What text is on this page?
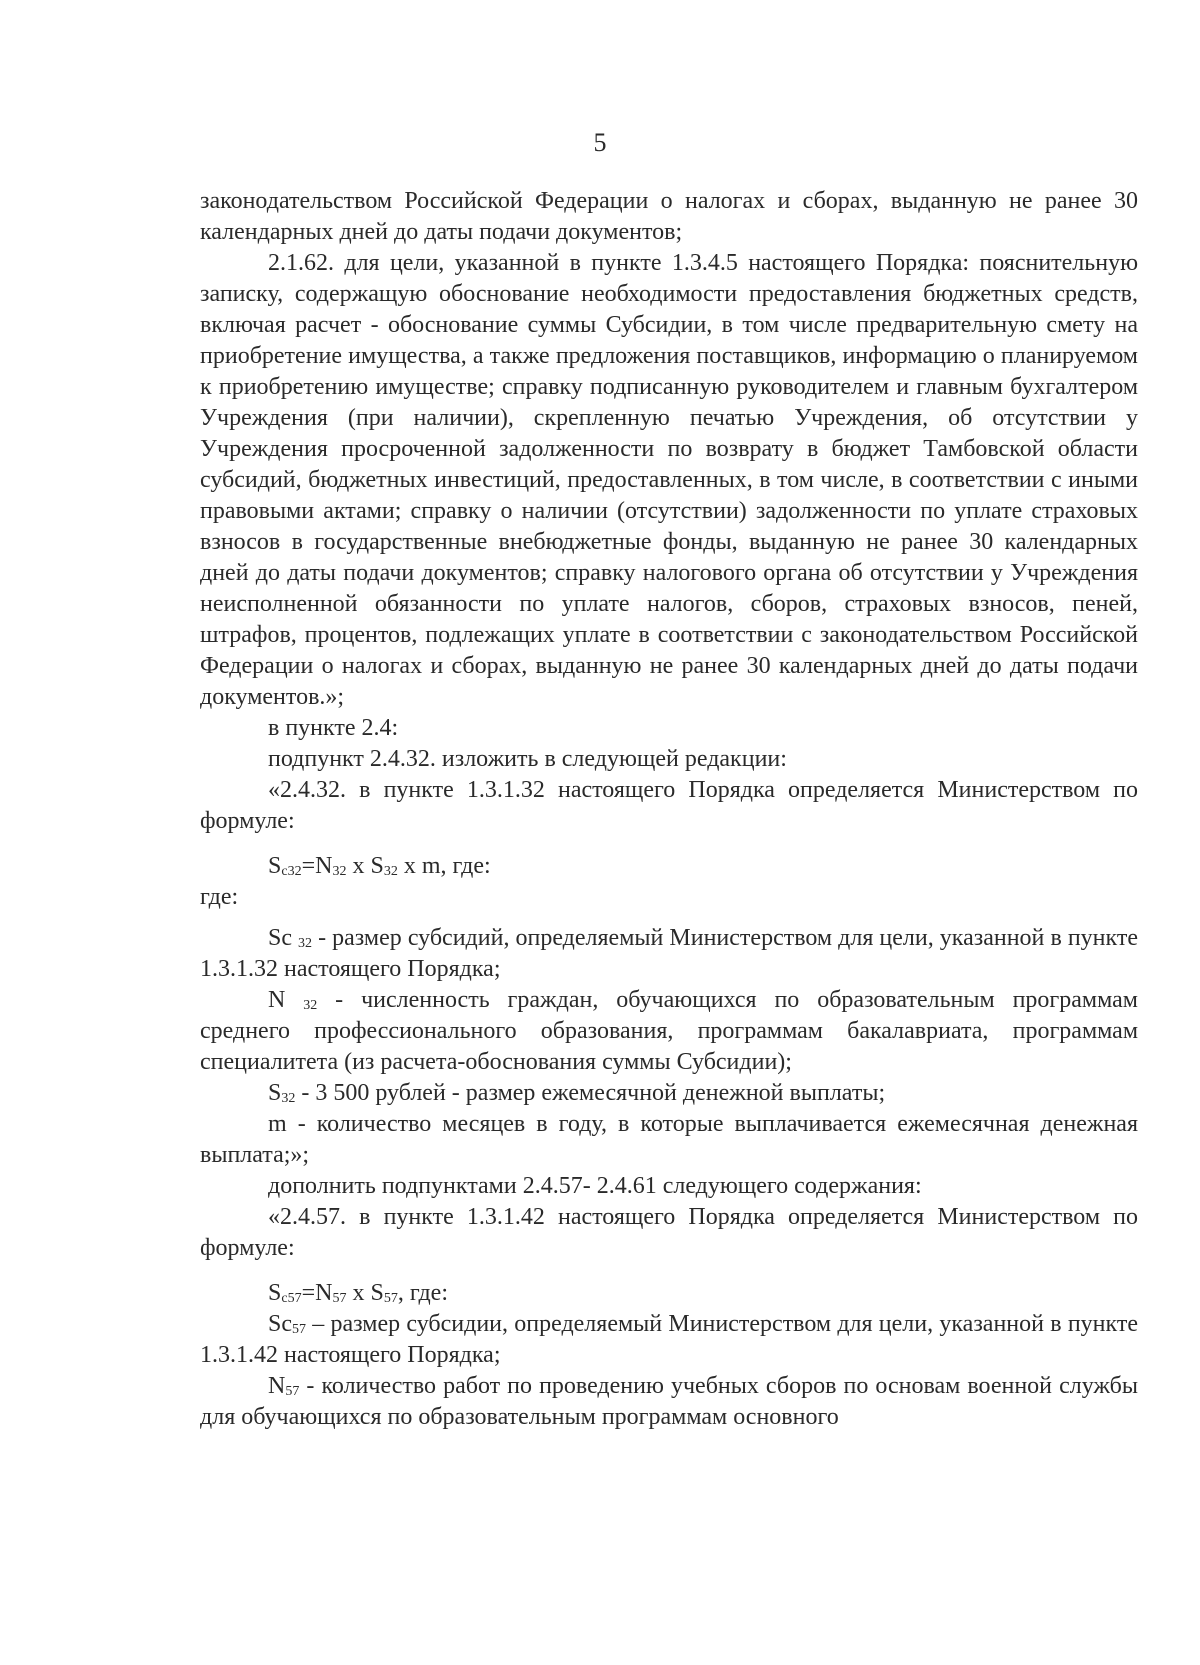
5

законодательством Российской Федерации о налогах и сборах, выданную не ранее 30 календарных дней до даты подачи документов;

2.1.62. для цели, указанной в пункте 1.3.4.5 настоящего Порядка: пояснительную записку, содержащую обоснование необходимости предоставления бюджетных средств, включая расчет - обоснование суммы Субсидии, в том числе предварительную смету на приобретение имущества, а также предложения поставщиков, информацию о планируемом к приобретению имуществе; справку подписанную руководителем и главным бухгалтером Учреждения (при наличии), скрепленную печатью Учреждения, об отсутствии у Учреждения просроченной задолженности по возврату в бюджет Тамбовской области субсидий, бюджетных инвестиций, предоставленных, в том числе, в соответствии с иными правовыми актами; справку о наличии (отсутствии) задолженности по уплате страховых взносов в государственные внебюджетные фонды, выданную не ранее 30 календарных дней до даты подачи документов; справку налогового органа об отсутствии у Учреждения неисполненной обязанности по уплате налогов, сборов, страховых взносов, пеней, штрафов, процентов, подлежащих уплате в соответствии с законодательством Российской Федерации о налогах и сборах, выданную не ранее 30 календарных дней до даты подачи документов.»;

в пункте 2.4:

подпункт 2.4.32. изложить в следующей редакции:

«2.4.32. в пункте 1.3.1.32 настоящего Порядка определяется Министерством по формуле:

$S_{c32}=N_{32}$ x $S_{32}$ x m, где:

где:

Sc $_{32}$ - размер субсидий, определяемый Министерством для цели, указанной в пункте 1.3.1.32 настоящего Порядка;

N $_{32}$ - численность граждан, обучающихся по образовательным программам среднего профессионального образования, программам бакалавриата, программам специалитета (из расчета-обоснования суммы Субсидии);

$S_{32} - 3$ 500 рублей - размер ежемесячной денежной выплаты;

m - количество месяцев в году, в которые выплачивается ежемесячная денежная выплата;»;

дополнить подпунктами 2.4.57- 2.4.61 следующего содержания:

«2.4.57. в пункте 1.3.1.42 настоящего Порядка определяется Министерством по формуле:

$S_{c57}=N_{57}$ x $S_{57}$, где:

$Sc_{57}$ – размер субсидии, определяемый Министерством для цели, указанной в пункте 1.3.1.42 настоящего Порядка;

$N_{57}$ - количество работ по проведению учебных сборов по основам военной службы для обучающихся по образовательным программам основного
